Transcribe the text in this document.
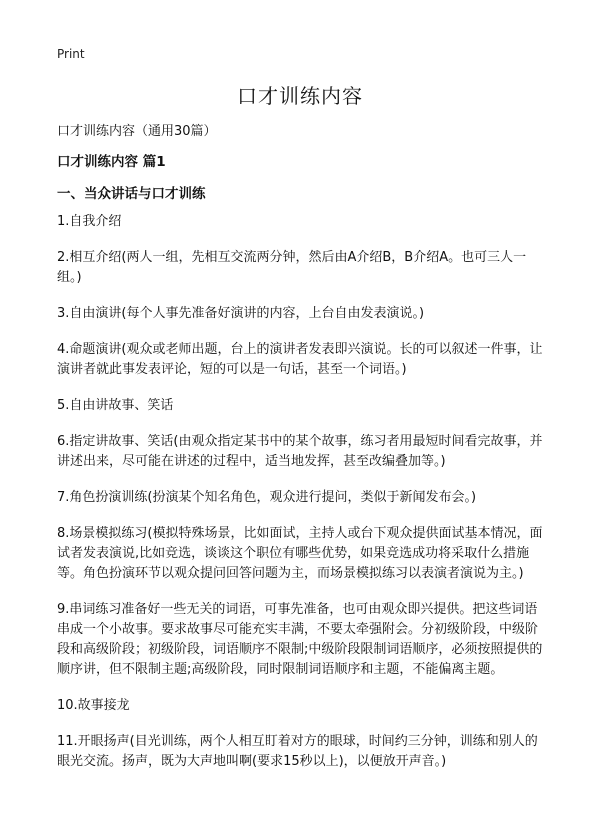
Print
口才训练内容
口才训练内容（通用30篇）
口才训练内容 篇1
一、当众讲话与口才训练
1.自我介绍
2.相互介绍(两人一组，先相互交流两分钟，然后由A介绍B，B介绍A。也可三人一组。)
3.自由演讲(每个人事先准备好演讲的内容，上台自由发表演说。)
4.命题演讲(观众或老师出题，台上的演讲者发表即兴演说。长的可以叙述一件事，让演讲者就此事发表评论，短的可以是一句话，甚至一个词语。)
5.自由讲故事、笑话
6.指定讲故事、笑话(由观众指定某书中的某个故事，练习者用最短时间看完故事，并讲述出来，尽可能在讲述的过程中，适当地发挥，甚至改编叠加等。)
7.角色扮演训练(扮演某个知名角色，观众进行提问，类似于新闻发布会。)
8.场景模拟练习(模拟特殊场景，比如面试，主持人或台下观众提供面试基本情况，面试者发表演说,比如竞选，谈谈这个职位有哪些优势，如果竞选成功将采取什么措施等。角色扮演环节以观众提问回答问题为主，而场景模拟练习以表演者演说为主。)
9.串词练习准备好一些无关的词语，可事先准备，也可由观众即兴提供。把这些词语串成一个小故事。要求故事尽可能充实丰满，不要太牵强附会。分初级阶段，中级阶段和高级阶段；初级阶段，词语顺序不限制;中级阶段限制词语顺序，必须按照提供的顺序讲，但不限制主题;高级阶段，同时限制词语顺序和主题，不能偏离主题。
10.故事接龙
11.开眼扬声(目光训练，两个人相互盯着对方的眼球，时间约三分钟，训练和别人的眼光交流。扬声，既为大声地叫啊(要求15秒以上)，以便放开声音。)
